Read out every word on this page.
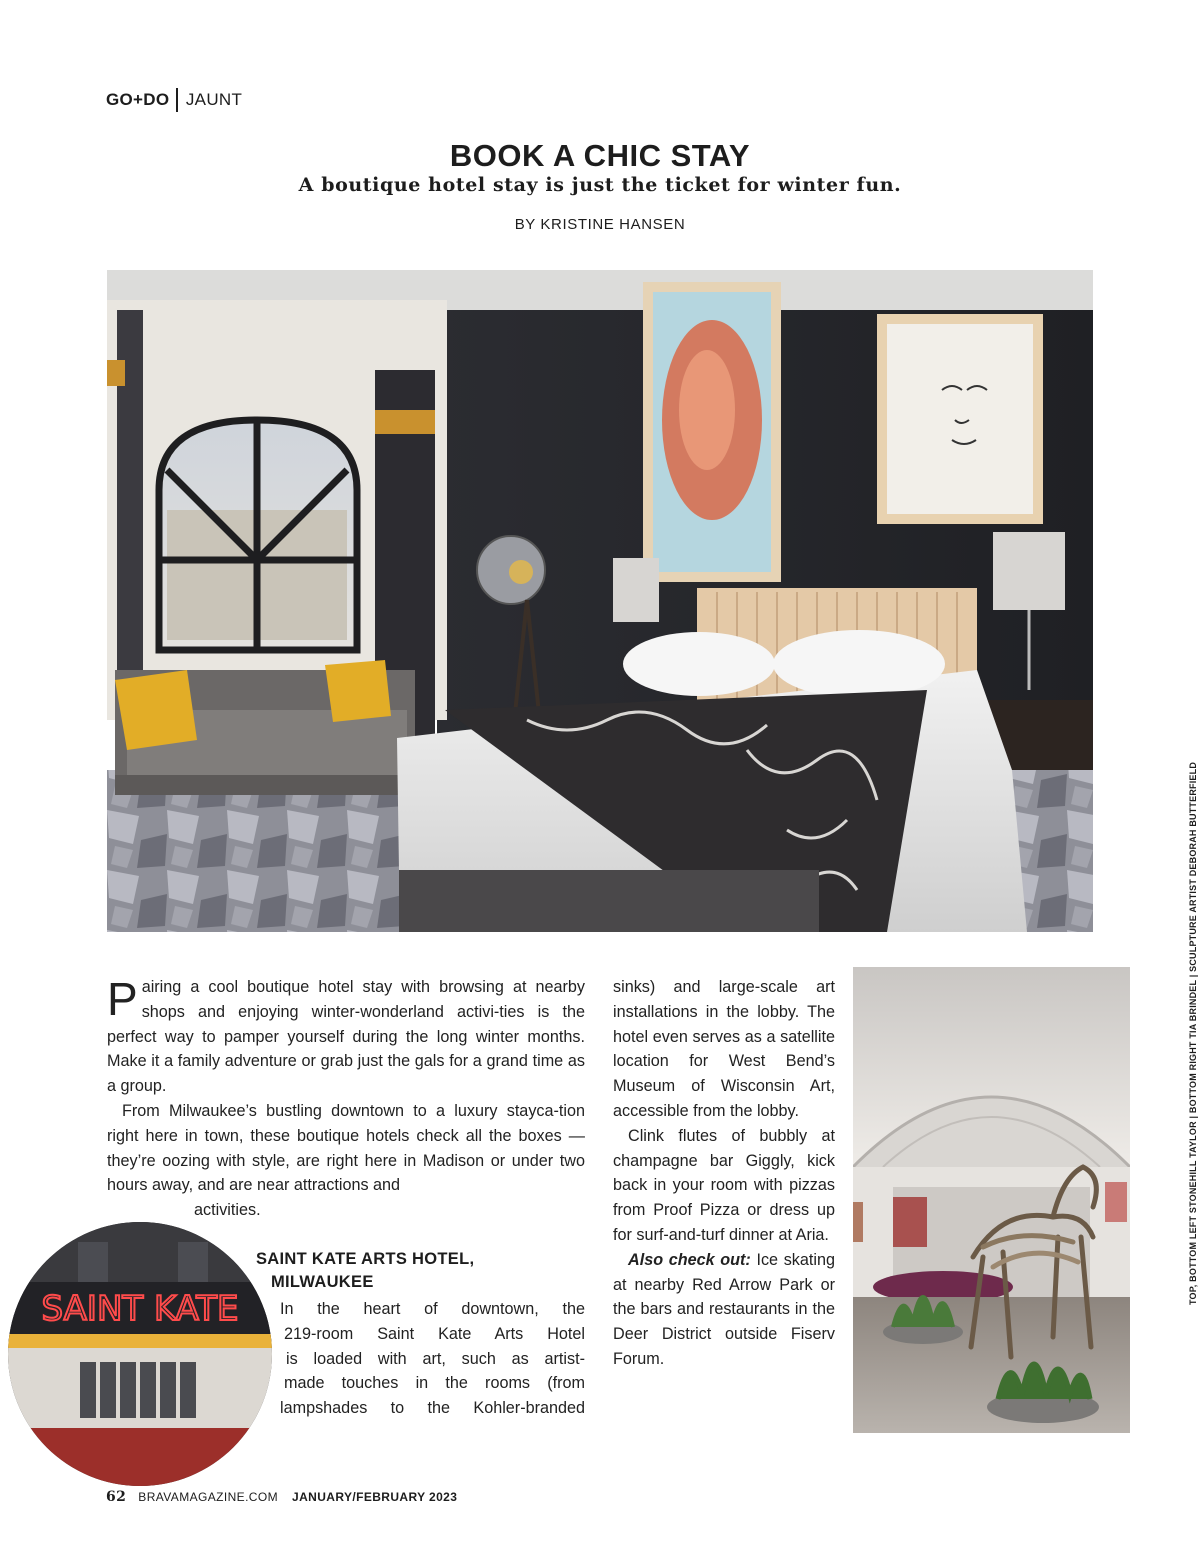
GO+DO JAUNT
BOOK A CHIC STAY
A boutique hotel stay is just the ticket for winter fun.
BY KRISTINE HANSEN
SAINT KATE
TOP, BOTTOM LEFT STONEHILL TAYLOR | BOTTOM RIGHT TIA BRINDEL | SCULPTURE ARTIST DEBORAH BUTTERFIELD

Pairing a cool boutique hotel stay with browsing at nearby shops and enjoying winter-wonderland activi-ties is the perfect way to pamper yourself during the long winter months. Make it a family adventure or grab just the gals for a grand time as a group.

From Milwaukee’s bustling downtown to a luxury stayca-tion right here in town, these boutique hotels check all the boxes — they’re oozing with style, are right here in Madison or under two hours away, and are near attractions and

activities.
SAINT KATE ARTS HOTEL,
MILWAUKEE
In the heart of downtown, the
219-room Saint Kate Arts Hotel
is loaded with art, such as artist-
made touches in the rooms (from
lampshades to the Kohler-branded

sinks) and large-scale art installations in the lobby. The hotel even serves as a satellite location for West Bend’s Museum of Wisconsin Art, accessible from the lobby.

Clink flutes of bubbly at champagne bar Giggly, kick back in your room with pizzas from Proof Pizza or dress up for surf-and-turf dinner at Aria.

Also check out: Ice skating at nearby Red Arrow Park or the bars and restaurants in the Deer District outside Fiserv Forum.

62 BRAVAMAGAZINE.COM JANUARY/FEBRUARY 2023
